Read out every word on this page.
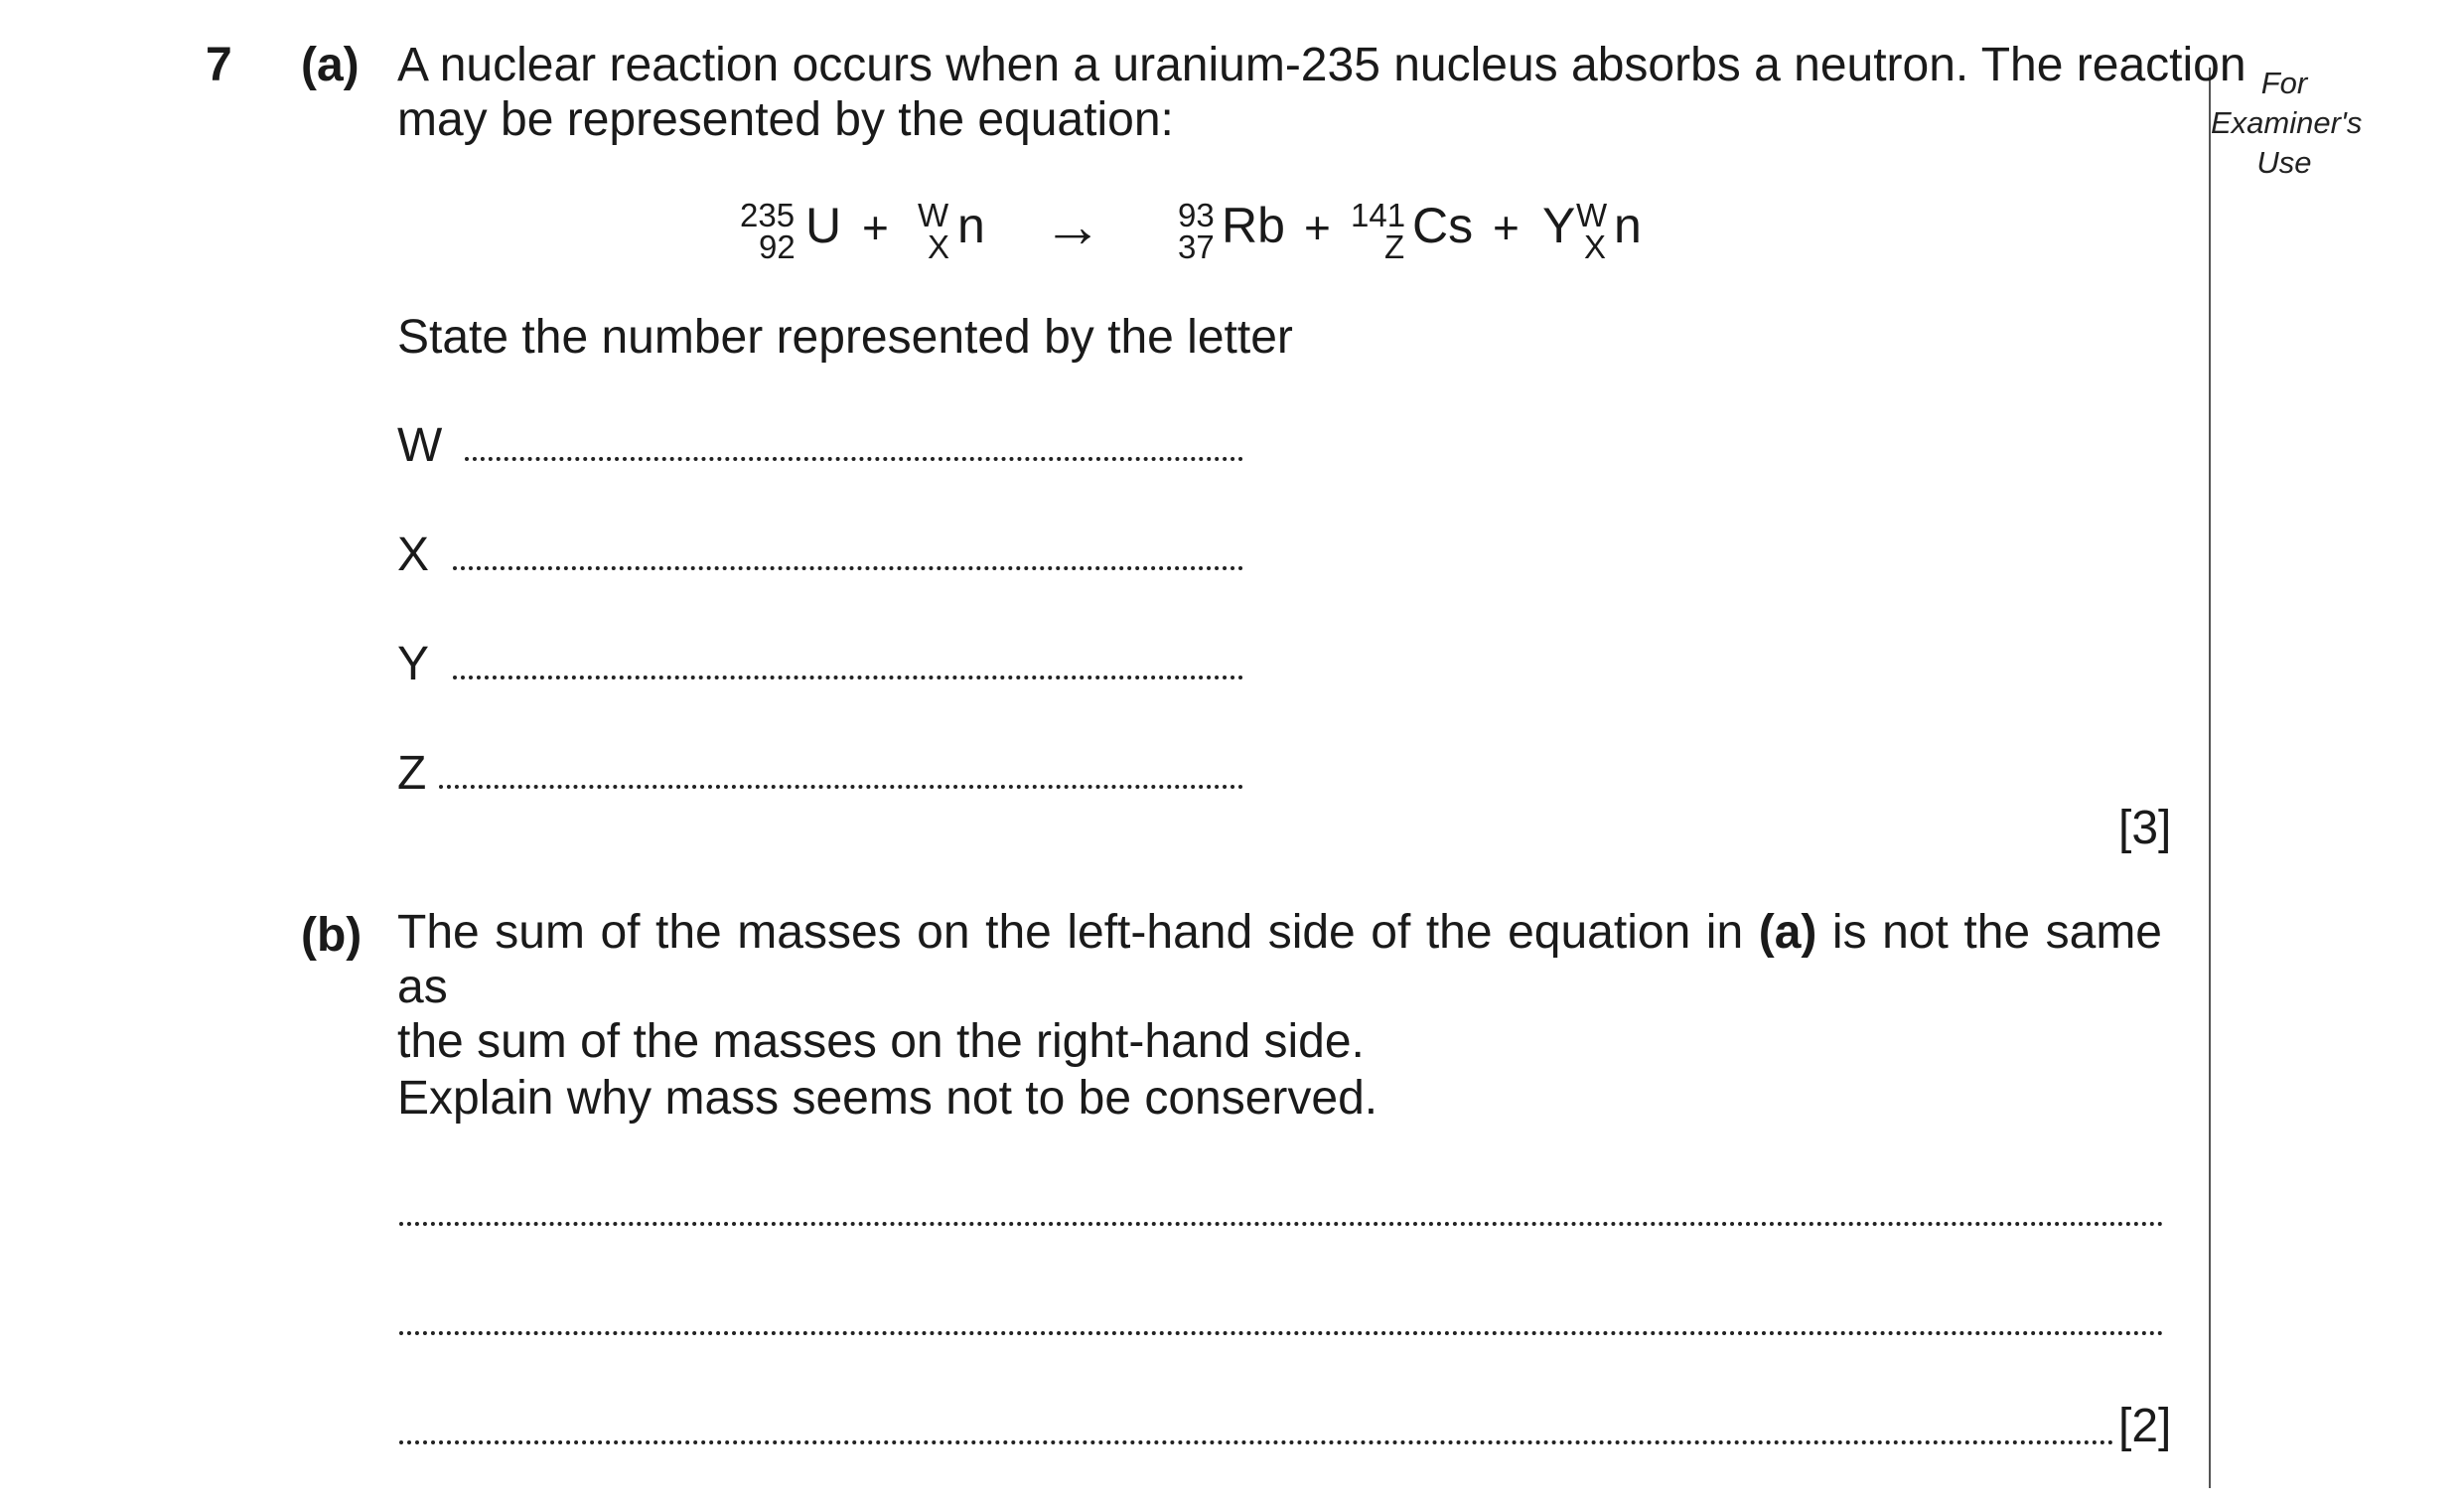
7	For
Examiner's
Use
(a) A nuclear reaction occurs when a uranium-235 nucleus absorbs a neutron. The reaction
may be represented by the equation:
235
92 U + W
X n → 93
37 Rb + 141
Z Cs + Y W
X n
State the number represented by the letter
W
X
Y
Z
[3]
(b) The sum of the masses on the left-hand side of the equation in (a) is not the same as
the sum of the masses on the right-hand side.
Explain why mass seems not to be conserved.
[2]
